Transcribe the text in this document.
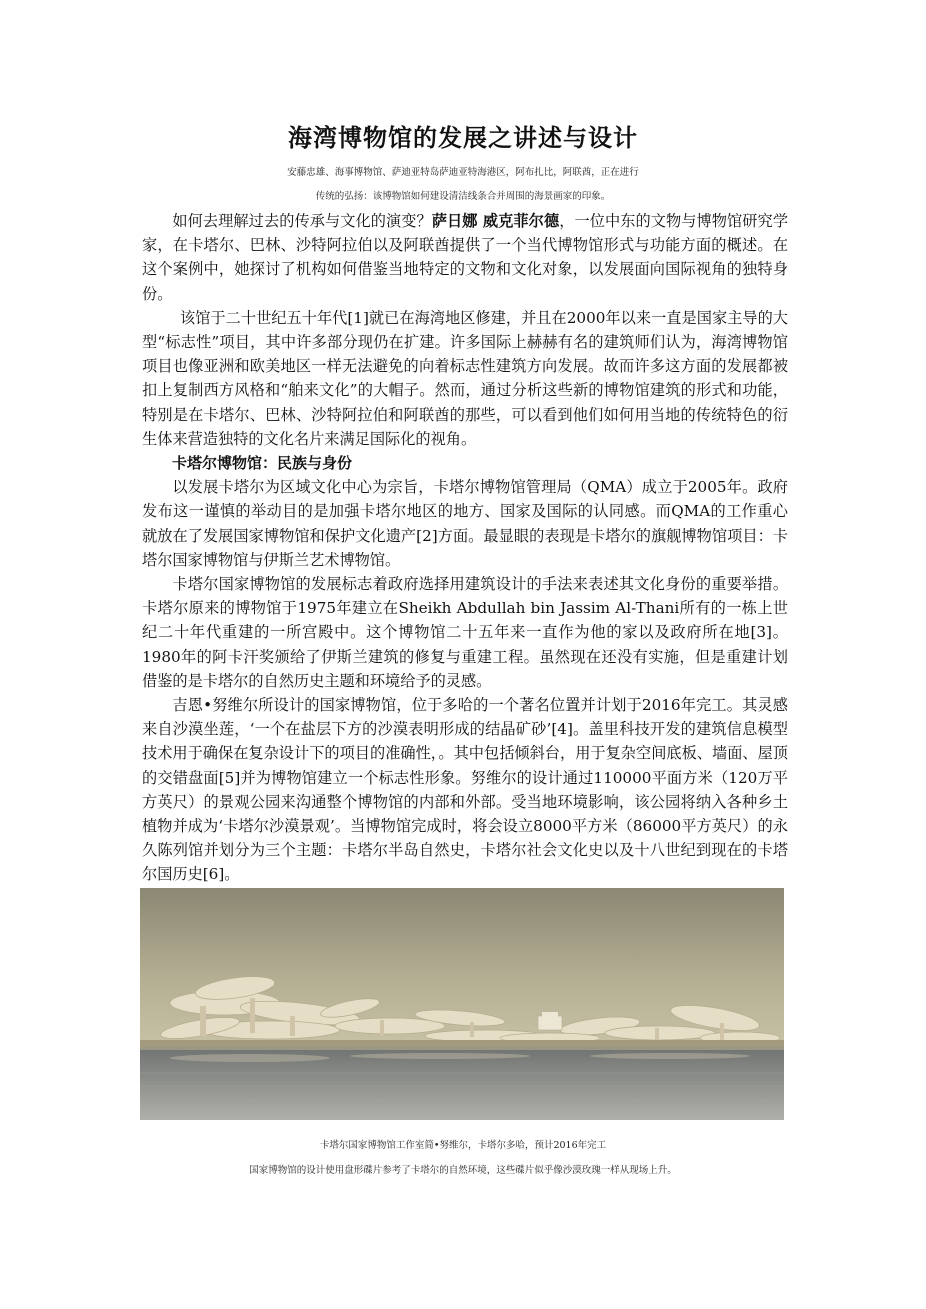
海湾博物馆的发展之讲述与设计
安藤忠雄、海事博物馆、萨迪亚特岛萨迪亚特海港区，阿布扎比，阿联酋，正在进行
传统的弘扬：该博物馆如何建设清洁线条合并周围的海景画家的印象。

如何去理解过去的传承与文化的演变？萨日娜 威克菲尔德，一位中东的文物与博物馆研究学家，在卡塔尔、巴林、沙特阿拉伯以及阿联酋提供了一个当代博物馆形式与功能方面的概述。在这个案例中，她探讨了机构如何借鉴当地特定的文物和文化对象，以发展面向国际视角的独特身份。

该馆于二十世纪五十年代[1]就已在海湾地区修建，并且在2000年以来一直是国家主导的大型“标志性”项目，其中许多部分现仍在扩建。许多国际上赫赫有名的建筑师们认为，海湾博物馆项目也像亚洲和欧美地区一样无法避免的向着标志性建筑方向发展。故而许多这方面的发展都被扣上复制西方风格和“舶来文化”的大帽子。然而，通过分析这些新的博物馆建筑的形式和功能，特别是在卡塔尔、巴林、沙特阿拉伯和阿联酋的那些，可以看到他们如何用当地的传统特色的衍生体来营造独特的文化名片来满足国际化的视角。

卡塔尔博物馆：民族与身份

以发展卡塔尔为区域文化中心为宗旨，卡塔尔博物馆管理局（QMA）成立于2005年。政府发布这一谨慎的举动目的是加强卡塔尔地区的地方、国家及国际的认同感。而QMA的工作重心就放在了发展国家博物馆和保护文化遗产[2]方面。最显眼的表现是卡塔尔的旗舰博物馆项目：卡塔尔国家博物馆与伊斯兰艺术博物馆。

卡塔尔国家博物馆的发展标志着政府选择用建筑设计的手法来表述其文化身份的重要举措。卡塔尔原来的博物馆于1975年建立在Sheikh Abdullah bin Jassim Al-Thani所有的一栋上世纪二十年代重建的一所宫殿中。这个博物馆二十五年来一直作为他的家以及政府所在地[3]。1980年的阿卡汗奖颁给了伊斯兰建筑的修复与重建工程。虽然现在还没有实施，但是重建计划借鉴的是卡塔尔的自然历史主题和环境给予的灵感。

吉恩•努维尔所设计的国家博物馆，位于多哈的一个著名位置并计划于2016年完工。其灵感来自沙漠坐莲，‘一个在盐层下方的沙漠表明形成的结晶矿砂’[4]。盖里科技开发的建筑信息模型技术用于确保在复杂设计下的项目的准确性，。其中包括倾斜台，用于复杂空间底板、墙面、屋顶的交错盘面[5]并为博物馆建立一个标志性形象。努维尔的设计通过110000平面方米（120万平方英尺）的景观公园来沟通整个博物馆的内部和外部。受当地环境影响，该公园将纳入各种乡土植物并成为‘卡塔尔沙漠景观’。当博物馆完成时，将会设立8000平方米（86000平方英尺）的永久陈列馆并划分为三个主题：卡塔尔半岛自然史，卡塔尔社会文化史以及十八世纪到现在的卡塔尔国历史[6]。

卡塔尔国家博物馆工作室简•努维尔，卡塔尔多哈，预计2016年完工
国家博物馆的设计使用盘形碟片参考了卡塔尔的自然环境，这些碟片似乎像沙漠玫瑰一样从现场上升。
